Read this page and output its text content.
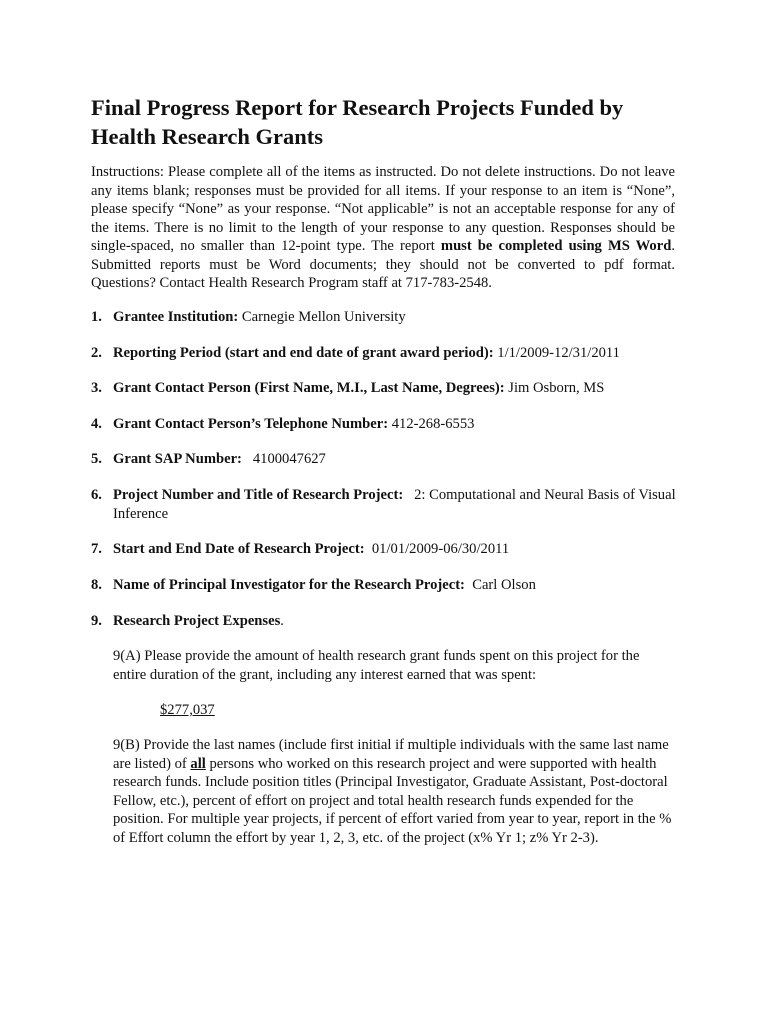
Final Progress Report for Research Projects Funded by Health Research Grants

Instructions: Please complete all of the items as instructed. Do not delete instructions. Do not leave any items blank; responses must be provided for all items. If your response to an item is “None”, please specify “None” as your response. “Not applicable” is not an acceptable response for any of the items. There is no limit to the length of your response to any question. Responses should be single-spaced, no smaller than 12-point type. The report must be completed using MS Word. Submitted reports must be Word documents; they should not be converted to pdf format. Questions? Contact Health Research Program staff at 717-783-2548.

1. Grantee Institution: Carnegie Mellon University
2. Reporting Period (start and end date of grant award period): 1/1/2009-12/31/2011
3. Grant Contact Person (First Name, M.I., Last Name, Degrees): Jim Osborn, MS
4. Grant Contact Person’s Telephone Number: 412-268-6553
5. Grant SAP Number:   4100047627
6. Project Number and Title of Research Project:   2: Computational and Neural Basis of Visual Inference
7. Start and End Date of Research Project:  01/01/2009-06/30/2011
8. Name of Principal Investigator for the Research Project:  Carl Olson
9. Research Project Expenses.

9(A) Please provide the amount of health research grant funds spent on this project for the entire duration of the grant, including any interest earned that was spent:

$277,037

9(B) Provide the last names (include first initial if multiple individuals with the same last name are listed) of all persons who worked on this research project and were supported with health research funds. Include position titles (Principal Investigator, Graduate Assistant, Post-doctoral Fellow, etc.), percent of effort on project and total health research funds expended for the position. For multiple year projects, if percent of effort varied from year to year, report in the % of Effort column the effort by year 1, 2, 3, etc. of the project (x% Yr 1; z% Yr 2-3).
